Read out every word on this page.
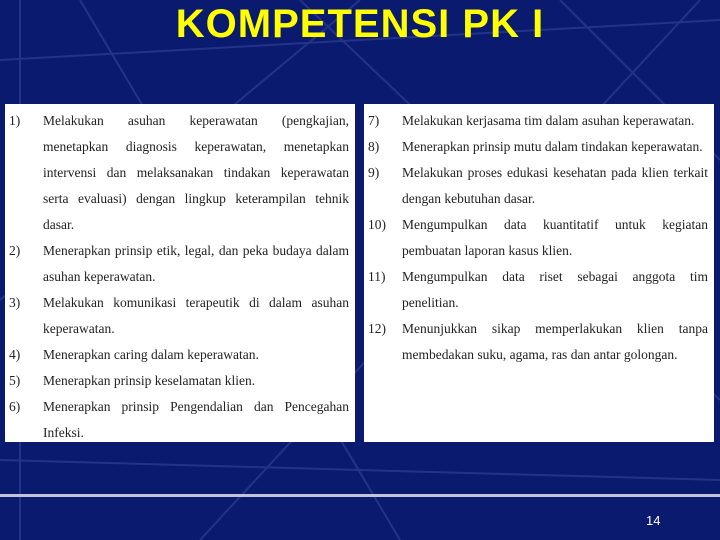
KOMPETENSI PK I
1)	Melakukan asuhan keperawatan (pengkajian, menetapkan diagnosis keperawatan, menetapkan intervensi dan melaksanakan tindakan keperawatan serta evaluasi) dengan lingkup keterampilan tehnik dasar.
2)	Menerapkan prinsip etik, legal, dan peka budaya dalam asuhan keperawatan.
3)	Melakukan komunikasi terapeutik di dalam asuhan keperawatan.
4)	Menerapkan caring dalam keperawatan.
5)	Menerapkan prinsip keselamatan klien.
6)	Menerapkan prinsip Pengendalian dan Pencegahan Infeksi.
7)	Melakukan kerjasama tim dalam asuhan keperawatan.
8)	Menerapkan prinsip mutu dalam tindakan keperawatan.
9)	Melakukan proses edukasi kesehatan pada klien terkait dengan kebutuhan dasar.
10)	Mengumpulkan data kuantitatif untuk kegiatan pembuatan laporan kasus klien.
11)	Mengumpulkan data riset sebagai anggota tim penelitian.
12)	Menunjukkan sikap memperlakukan klien tanpa membedakan suku, agama, ras dan antar golongan.
14
